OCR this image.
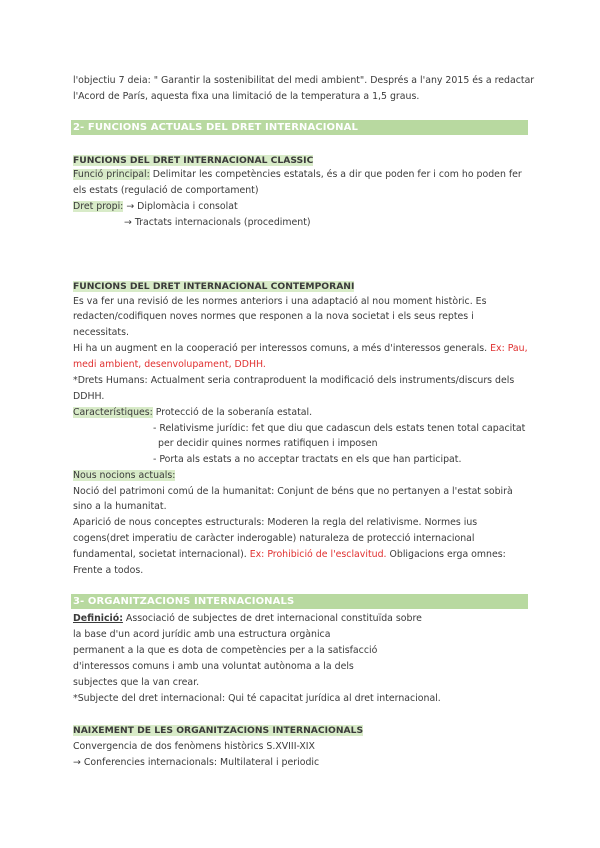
l'objectiu 7 deia: " Garantir la sostenibilitat del medi ambient". Després a l'any 2015 és a redactar
l'Acord de París, aquesta fixa una limitació de la temperatura a 1,5 graus.
2- FUNCIONS ACTUALS DEL DRET INTERNACIONAL
FUNCIONS DEL DRET INTERNACIONAL CLASSIC
Funció principal: Delimitar les competències estatals, és a dir que poden fer i com ho poden fer
els estats (regulació de comportament)
Dret propi: → Diplomàcia i consolat
→ Tractats internacionals (procediment)
FUNCIONS DEL DRET INTERNACIONAL CONTEMPORANI
Es va fer una revisió de les normes anteriors i una adaptació al nou moment històric. Es
redacten/codifiquen noves normes que responen a la nova societat i els seus reptes i
necessitats.
Hi ha un augment en la cooperació per interessos comuns, a més d'interessos generals. Ex: Pau,
medi ambient, desenvolupament, DDHH.
*Drets Humans: Actualment seria contraproduent la modificació dels instruments/discurs dels
DDHH.
Característiques: Protecció de la soberanía estatal.
- Relativisme jurídic: fet que diu que cadascun dels estats tenen total capacitat
per decidir quines normes ratifiquen i imposen
- Porta als estats a no acceptar tractats en els que han participat.
Nous nocions actuals:
Noció del patrimoni comú de la humanitat: Conjunt de béns que no pertanyen a l'estat sobirà
sino a la humanitat.
Aparició de nous conceptes estructurals: Moderen la regla del relativisme. Normes ius
cogens(dret imperatiu de caràcter inderogable) naturaleza de protecció internacional
fundamental, societat internacional). Ex: Prohibició de l'esclavitud. Obligacions erga omnes:
Frente a todos.
3- ORGANITZACIONS INTERNACIONALS
Definició: Associació de subjectes de dret internacional constituïda sobre
la base d'un acord jurídic amb una estructura orgànica
permanent a la que es dota de competències per a la satisfacció
d'interessos comuns i amb una voluntat autònoma a la dels
subjectes que la van crear.
*Subjecte del dret internacional: Qui té capacitat jurídica al dret internacional.
NAIXEMENT DE LES ORGANITZACIONS INTERNACIONALS
Convergencia de dos fenòmens històrics S.XVIII-XIX
→ Conferencies internacionals: Multilateral i periodic
